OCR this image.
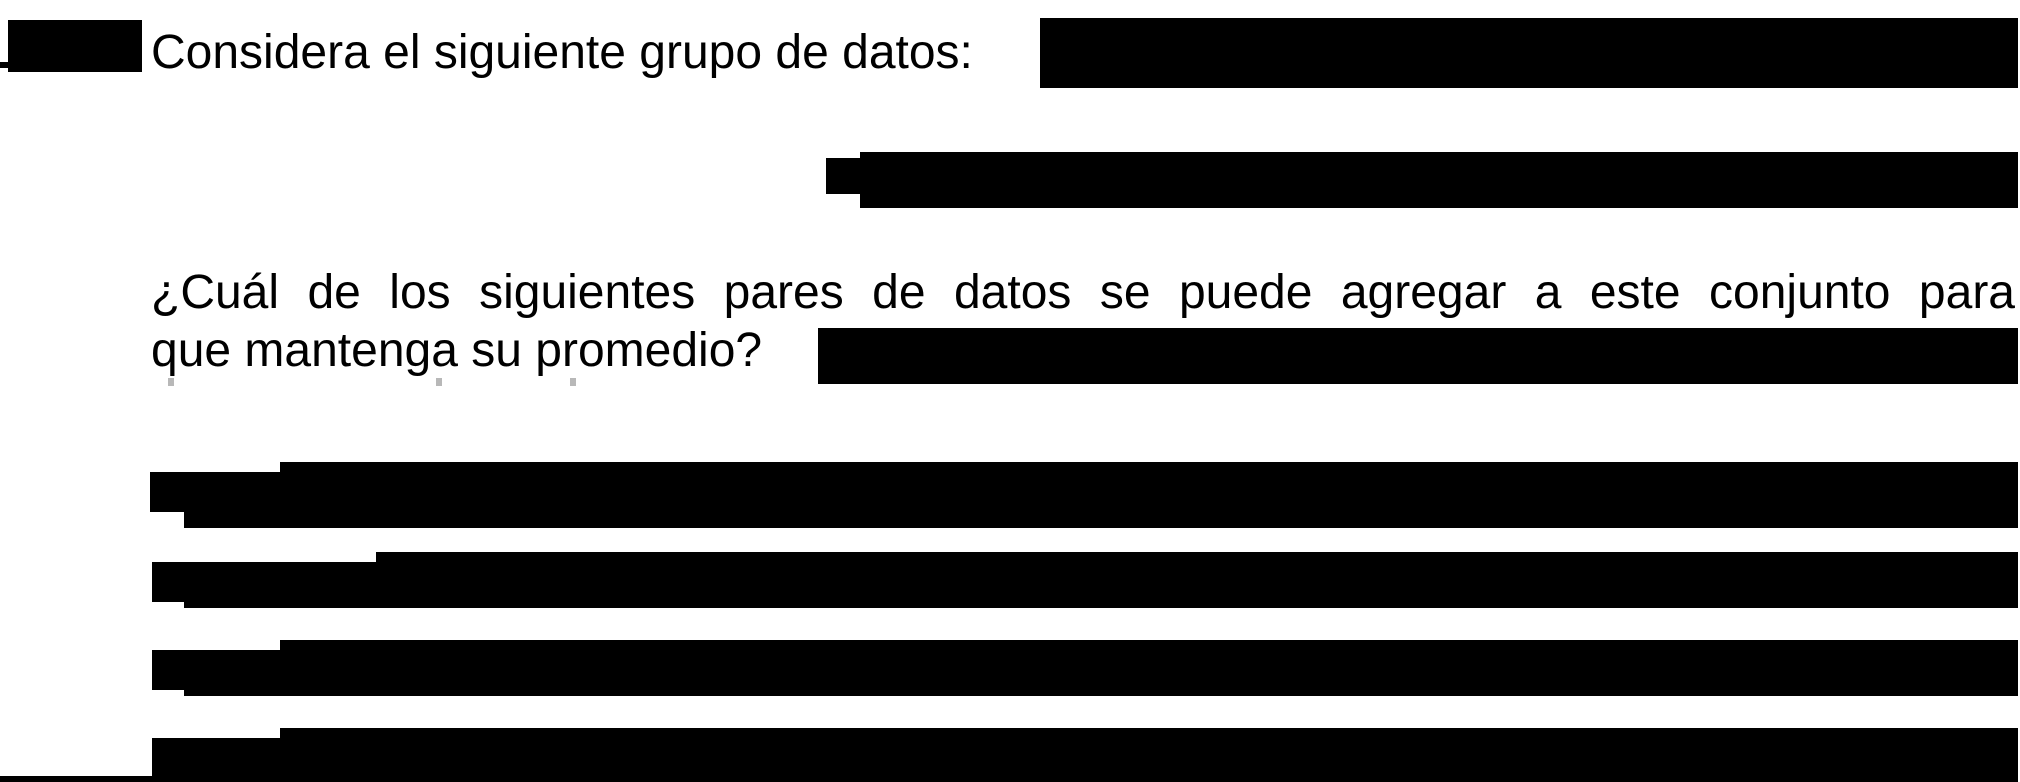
Considera el siguiente grupo de datos:
¿Cuál de los siguientes pares de datos se puede agregar a este conjunto para
que mantenga su promedio?
